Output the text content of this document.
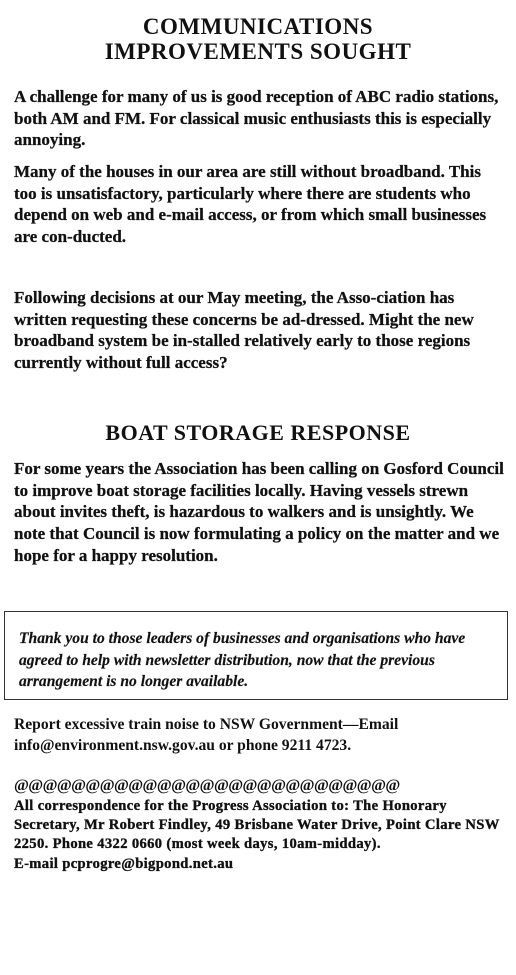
COMMUNICATIONS
IMPROVEMENTS SOUGHT

A challenge for many of us is good reception of ABC radio stations, both AM and FM. For classical music enthusiasts this is especially annoying.

Many of the houses in our area are still without broadband. This too is unsatisfactory, particularly where there are students who depend on web and e-mail access, or from which small businesses are con-ducted.

Following decisions at our May meeting, the Asso-ciation has written requesting these concerns be ad-dressed. Might the new broadband system be in-stalled relatively early to those regions currently without full access?

BOAT STORAGE RESPONSE

For some years the Association has been calling on Gosford Council to improve boat storage facilities locally. Having vessels strewn about invites theft, is hazardous to walkers and is unsightly. We note that Council is now formulating a policy on the matter and we hope for a happy resolution.

Thank you to those leaders of businesses and organisations who have agreed to help with newsletter distribution, now that the previous arrangement is no longer available.

Report excessive train noise to NSW Government—Email info@environment.nsw.gov.au or phone 9211 4723.

@@@@@@@@@@@@@@@@@@@@@@@@@@@

All correspondence for the Progress Association to: The Honorary Secretary, Mr Robert Findley, 49 Brisbane Water Drive, Point Clare NSW 2250. Phone 4322 0660 (most week days, 10am-midday).
E-mail pcprogre@bigpond.net.au
